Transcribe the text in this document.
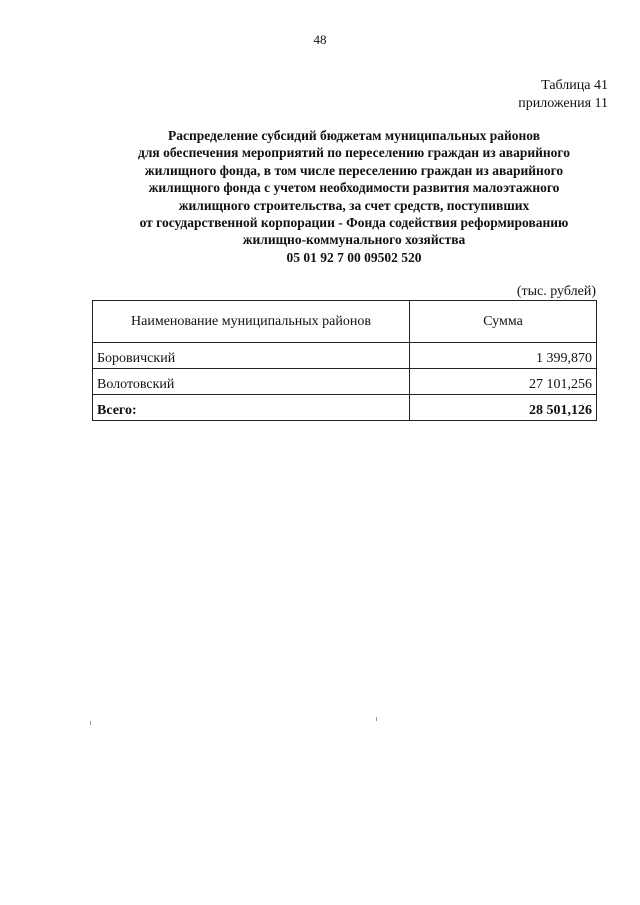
48
Таблица 41
приложения 11
Распределение субсидий бюджетам муниципальных районов
для обеспечения мероприятий по переселению граждан из аварийного
жилищного фонда, в том числе переселению граждан из аварийного
жилищного фонда с учетом необходимости развития малоэтажного
жилищного строительства, за счет средств, поступивших
от государственной корпорации - Фонда содействия реформированию
жилищно-коммунального хозяйства
05 01 92 7 00 09502 520
(тыс. рублей)
Наименование муниципальных районов	Сумма
Боровичский	1 399,870
Волотовский	27 101,256
Всего:	28 501,126
